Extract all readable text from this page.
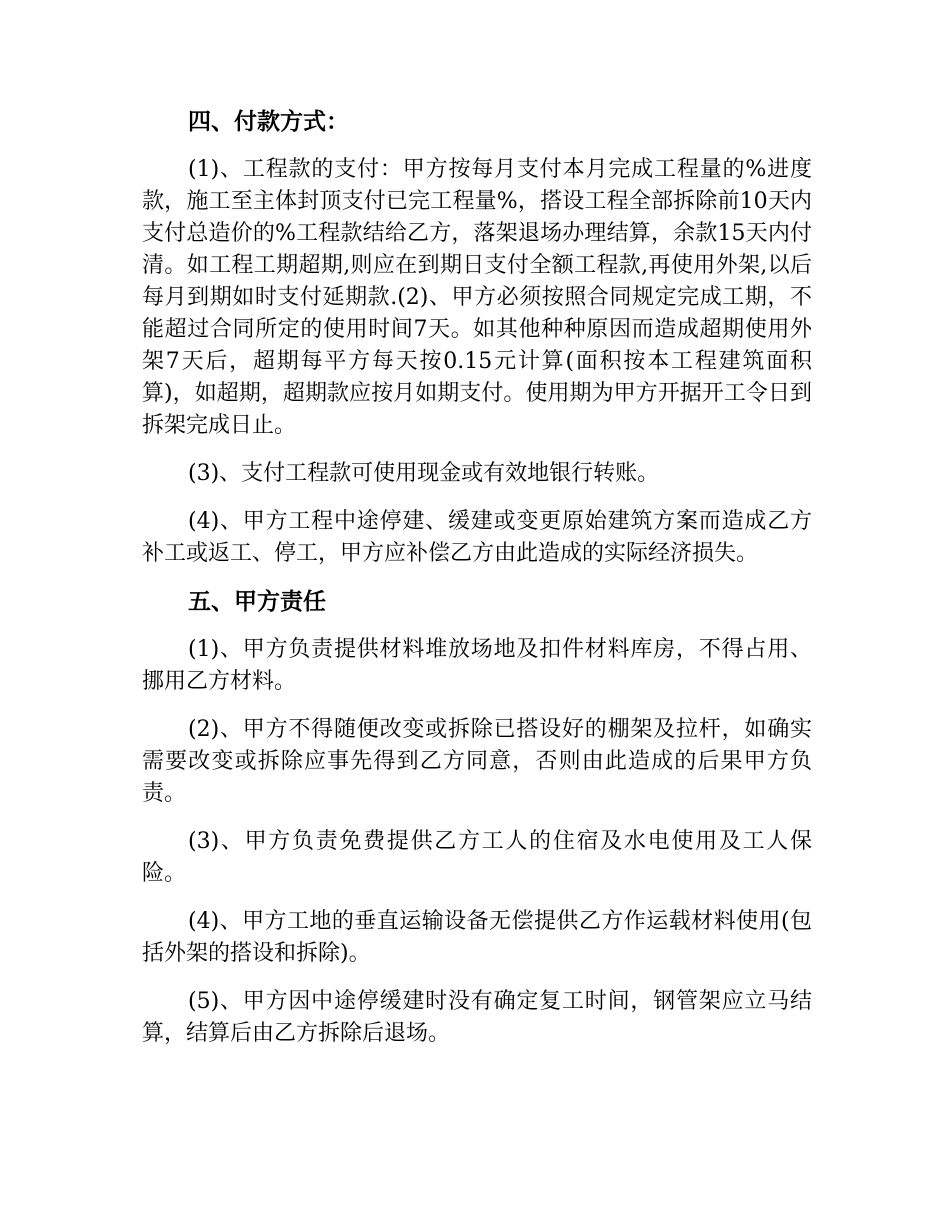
四、付款方式：

(1)、工程款的支付：甲方按每月支付本月完成工程量的%进度款，施工至主体封顶支付已完工程量%，搭设工程全部拆除前10天内支付总造价的%工程款结给乙方，落架退场办理结算，余款15天内付清。如工程工期超期,则应在到期日支付全额工程款,再使用外架,以后每月到期如时支付延期款.(2)、甲方必须按照合同规定完成工期，不能超过合同所定的使用时间7天。如其他种种原因而造成超期使用外架7天后，超期每平方每天按0.15元计算(面积按本工程建筑面积算)，如超期，超期款应按月如期支付。使用期为甲方开据开工令日到拆架完成日止。

(3)、支付工程款可使用现金或有效地银行转账。

(4)、甲方工程中途停建、缓建或变更原始建筑方案而造成乙方补工或返工、停工，甲方应补偿乙方由此造成的实际经济损失。

五、甲方责任

(1)、甲方负责提供材料堆放场地及扣件材料库房，不得占用、挪用乙方材料。

(2)、甲方不得随便改变或拆除已搭设好的棚架及拉杆，如确实需要改变或拆除应事先得到乙方同意，否则由此造成的后果甲方负责。

(3)、甲方负责免费提供乙方工人的住宿及水电使用及工人保险。

(4)、甲方工地的垂直运输设备无偿提供乙方作运载材料使用(包括外架的搭设和拆除)。

(5)、甲方因中途停缓建时没有确定复工时间，钢管架应立马结算，结算后由乙方拆除后退场。
